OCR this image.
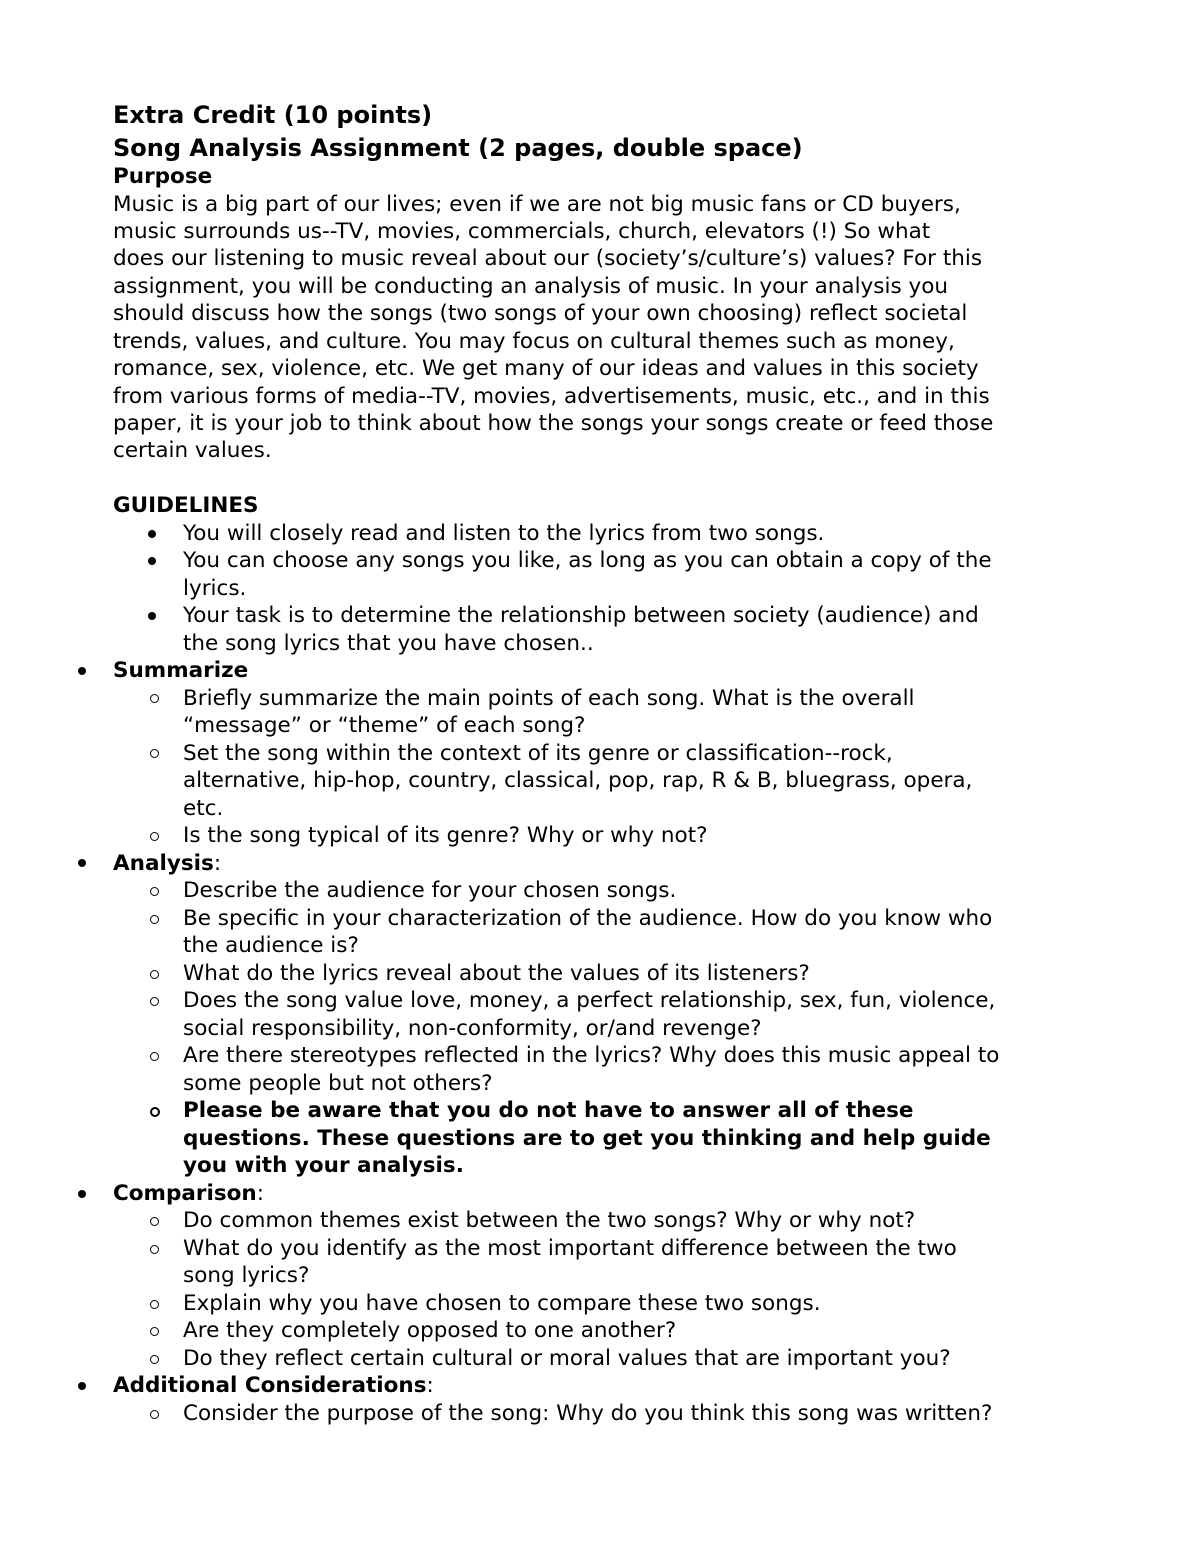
Extra Credit (10 points)
Song Analysis Assignment (2 pages, double space)
Purpose
Music is a big part of our lives; even if we are not big music fans or CD buyers,
music surrounds us--TV, movies, commercials, church, elevators (!) So what
does our listening to music reveal about our (society’s/culture’s) values? For this
assignment, you will be conducting an analysis of music. In your analysis you
should discuss how the songs (two songs of your own choosing) reflect societal
trends, values, and culture. You may focus on cultural themes such as money,
romance, sex, violence, etc. We get many of our ideas and values in this society
from various forms of media--TV, movies, advertisements, music, etc., and in this
paper, it is your job to think about how the songs your songs create or feed those
certain values.
GUIDELINES
You will closely read and listen to the lyrics from two songs.
You can choose any songs you like, as long as you can obtain a copy of the
lyrics.
Your task is to determine the relationship between society (audience) and
the song lyrics that you have chosen..
Summarize
Briefly summarize the main points of each song. What is the overall
“message” or “theme” of each song?
Set the song within the context of its genre or classification--rock,
alternative, hip-hop, country, classical, pop, rap, R & B, bluegrass, opera,
etc.
Is the song typical of its genre? Why or why not?
Analysis:
Describe the audience for your chosen songs.
Be specific in your characterization of the audience. How do you know who
the audience is?
What do the lyrics reveal about the values of its listeners?
Does the song value love, money, a perfect relationship, sex, fun, violence,
social responsibility, non-conformity, or/and revenge?
Are there stereotypes reflected in the lyrics? Why does this music appeal to
some people but not others?
Please be aware that you do not have to answer all of these
questions. These questions are to get you thinking and help guide
you with your analysis.
Comparison:
Do common themes exist between the two songs? Why or why not?
What do you identify as the most important difference between the two
song lyrics?
Explain why you have chosen to compare these two songs.
Are they completely opposed to one another?
Do they reflect certain cultural or moral values that are important you?
Additional Considerations:
Consider the purpose of the song: Why do you think this song was written?
